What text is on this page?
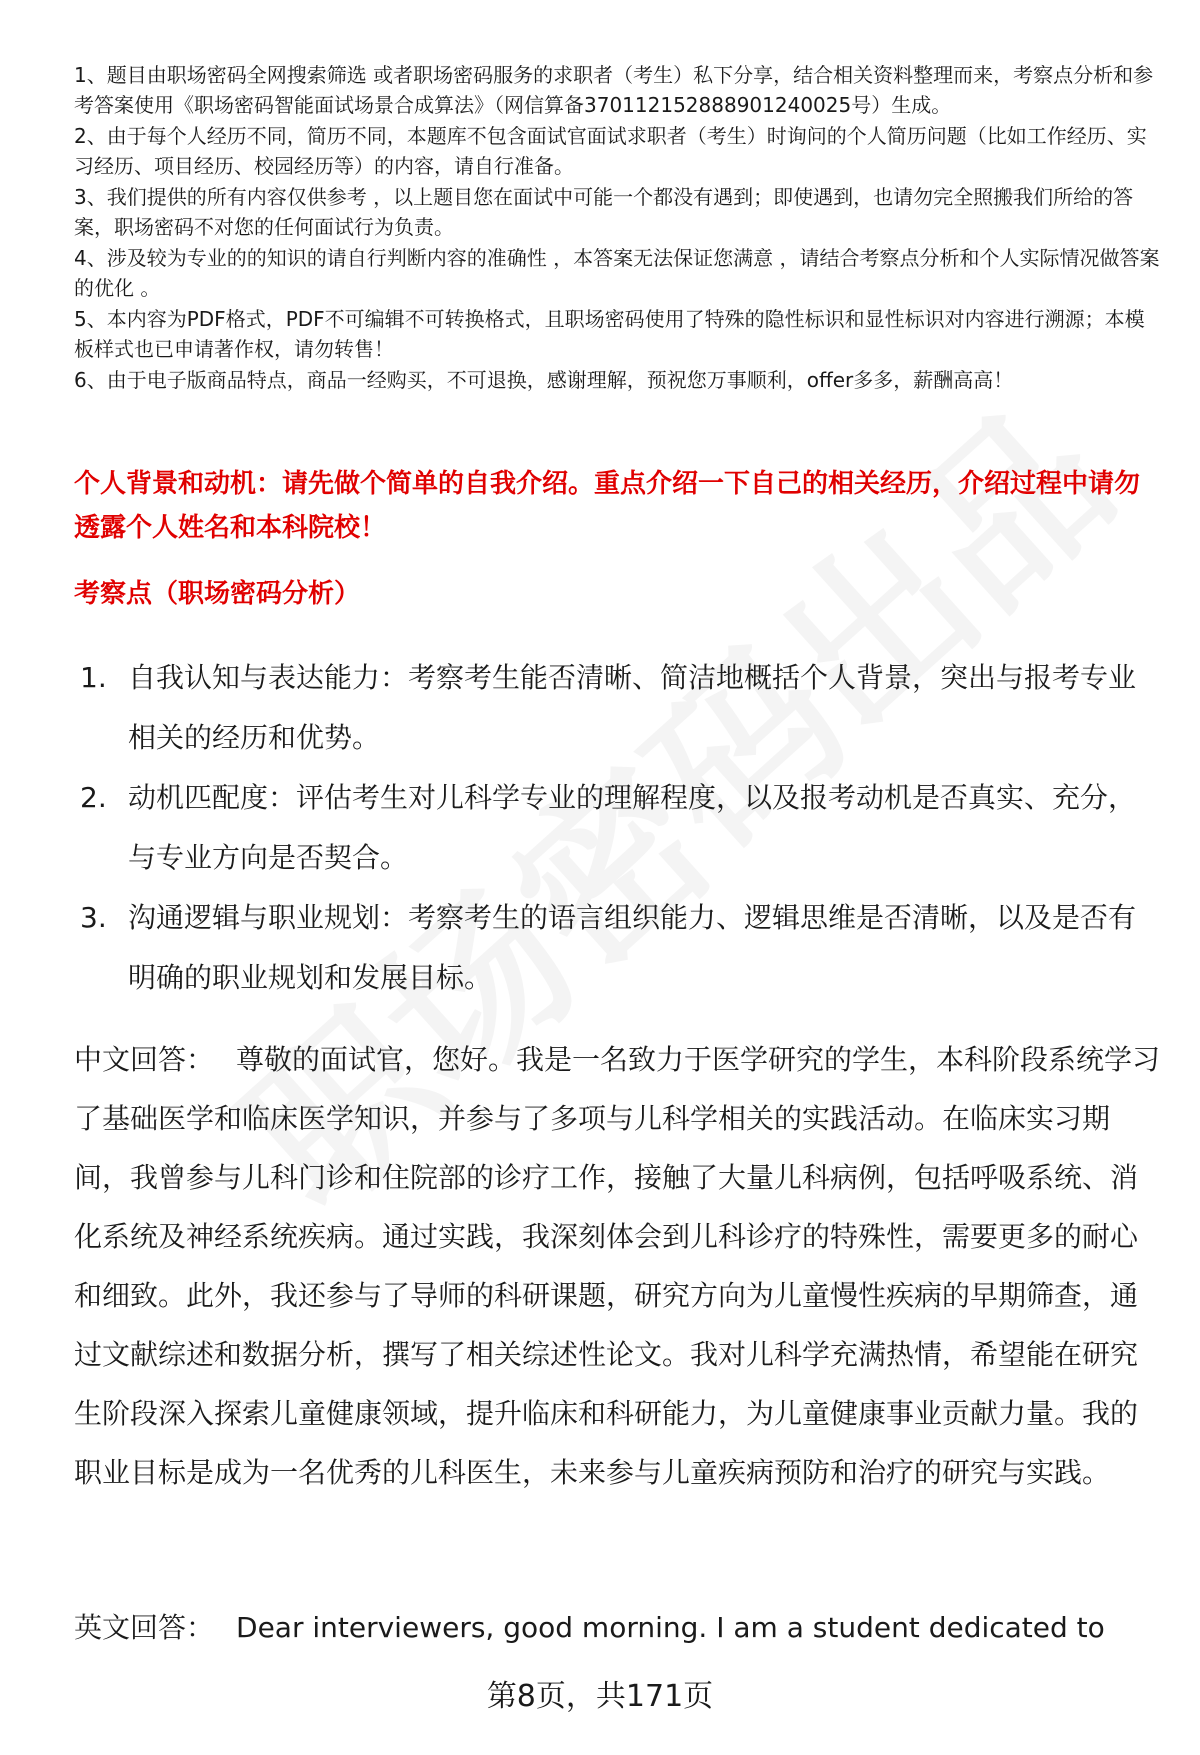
1、题目由职场密码全网搜索筛选 或者职场密码服务的求职者（考生）私下分享，结合相关资料整理而来，考察点分析和参考答案使用《职场密码智能面试场景合成算法》（网信算备370112152888901240025号）生成。
2、由于每个人经历不同，简历不同，本题库不包含面试官面试求职者（考生）时询问的个人简历问题（比如工作经历、实习经历、项目经历、校园经历等）的内容，请自行准备。
3、我们提供的所有内容仅供参考 ，以上题目您在面试中可能一个都没有遇到；即使遇到，也请勿完全照搬我们所给的答案，职场密码不对您的任何面试行为负责。
4、涉及较为专业的的知识的请自行判断内容的准确性 ，本答案无法保证您满意 ，请结合考察点分析和个人实际情况做答案的优化 。
5、本内容为PDF格式，PDF不可编辑不可转换格式，且职场密码使用了特殊的隐性标识和显性标识对内容进行溯源；本模板样式也已申请著作权，请勿转售！
6、由于电子版商品特点，商品一经购买，不可退换，感谢理解，预祝您万事顺利，offer多多，薪酬高高！

个人背景和动机：请先做个简单的自我介绍。重点介绍一下自己的相关经历，介绍过程中请勿透露个人姓名和本科院校！

考察点（职场密码分析）

1. 自我认知与表达能力：考察考生能否清晰、简洁地概括个人背景，突出与报考专业相关的经历和优势。
2. 动机匹配度：评估考生对儿科学专业的理解程度，以及报考动机是否真实、充分，与专业方向是否契合。
3. 沟通逻辑与职业规划：考察考生的语言组织能力、逻辑思维是否清晰，以及是否有明确的职业规划和发展目标。

中文回答： 尊敬的面试官，您好。我是一名致力于医学研究的学生，本科阶段系统学习了基础医学和临床医学知识，并参与了多项与儿科学相关的实践活动。在临床实习期间，我曾参与儿科门诊和住院部的诊疗工作，接触了大量儿科病例，包括呼吸系统、消化系统及神经系统疾病。通过实践，我深刻体会到儿科诊疗的特殊性，需要更多的耐心和细致。此外，我还参与了导师的科研课题，研究方向为儿童慢性疾病的早期筛查，通过文献综述和数据分析，撰写了相关综述性论文。我对儿科学充满热情，希望能在研究生阶段深入探索儿童健康领域，提升临床和科研能力，为儿童健康事业贡献力量。我的职业目标是成为一名优秀的儿科医生，未来参与儿童疾病预防和治疗的研究与实践。

英文回答： Dear interviewers, good morning. I am a student dedicated to

第8页，共171页
